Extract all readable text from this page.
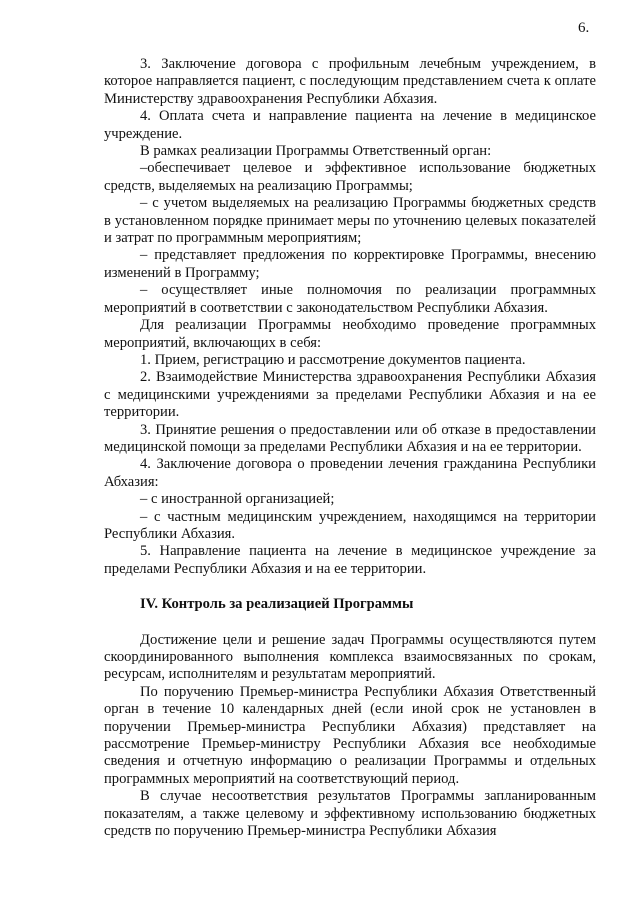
6.

3. Заключение договора с профильным лечебным учреждением, в которое направляется пациент, с последующим представлением счета к оплате Министерству здравоохранения Республики Абхазия.

4. Оплата счета и направление пациента на лечение в медицинское учреждение.

В рамках реализации Программы Ответственный орган:

–обеспечивает целевое и эффективное использование бюджетных средств, выделяемых на реализацию Программы;

– с учетом выделяемых на реализацию Программы бюджетных средств в установленном порядке принимает меры по уточнению целевых показателей и затрат по программным мероприятиям;

– представляет предложения по корректировке Программы, внесению изменений в Программу;

– осуществляет иные полномочия по реализации программных мероприятий в соответствии с законодательством Республики Абхазия.

Для реализации Программы необходимо проведение программных мероприятий, включающих в себя:

1. Прием, регистрацию и рассмотрение документов пациента.

2. Взаимодействие Министерства здравоохранения Республики Абхазия с медицинскими учреждениями за пределами Республики Абхазия и на ее территории.

3. Принятие решения о предоставлении или об отказе в предоставлении медицинской помощи за пределами Республики Абхазия и на ее территории.

4. Заключение договора о проведении лечения гражданина Республики Абхазия:

– с иностранной организацией;

– с частным медицинским учреждением, находящимся на территории Республики Абхазия.

5. Направление пациента на лечение в медицинское учреждение за пределами Республики Абхазия и на ее территории.

IV. Контроль за реализацией Программы

Достижение цели и решение задач Программы осуществляются путем скоординированного выполнения комплекса взаимосвязанных по срокам, ресурсам, исполнителям и результатам мероприятий.

По поручению Премьер-министра Республики Абхазия Ответственный орган в течение 10 календарных дней (если иной срок не установлен в поручении Премьер-министра Республики Абхазия) представляет на рассмотрение Премьер-министру Республики Абхазия все необходимые сведения и отчетную информацию о реализации Программы и отдельных программных мероприятий на соответствующий период.

В случае несоответствия результатов Программы запланированным показателям, а также целевому и эффективному использованию бюджетных средств по поручению Премьер-министра Республики Абхазия
